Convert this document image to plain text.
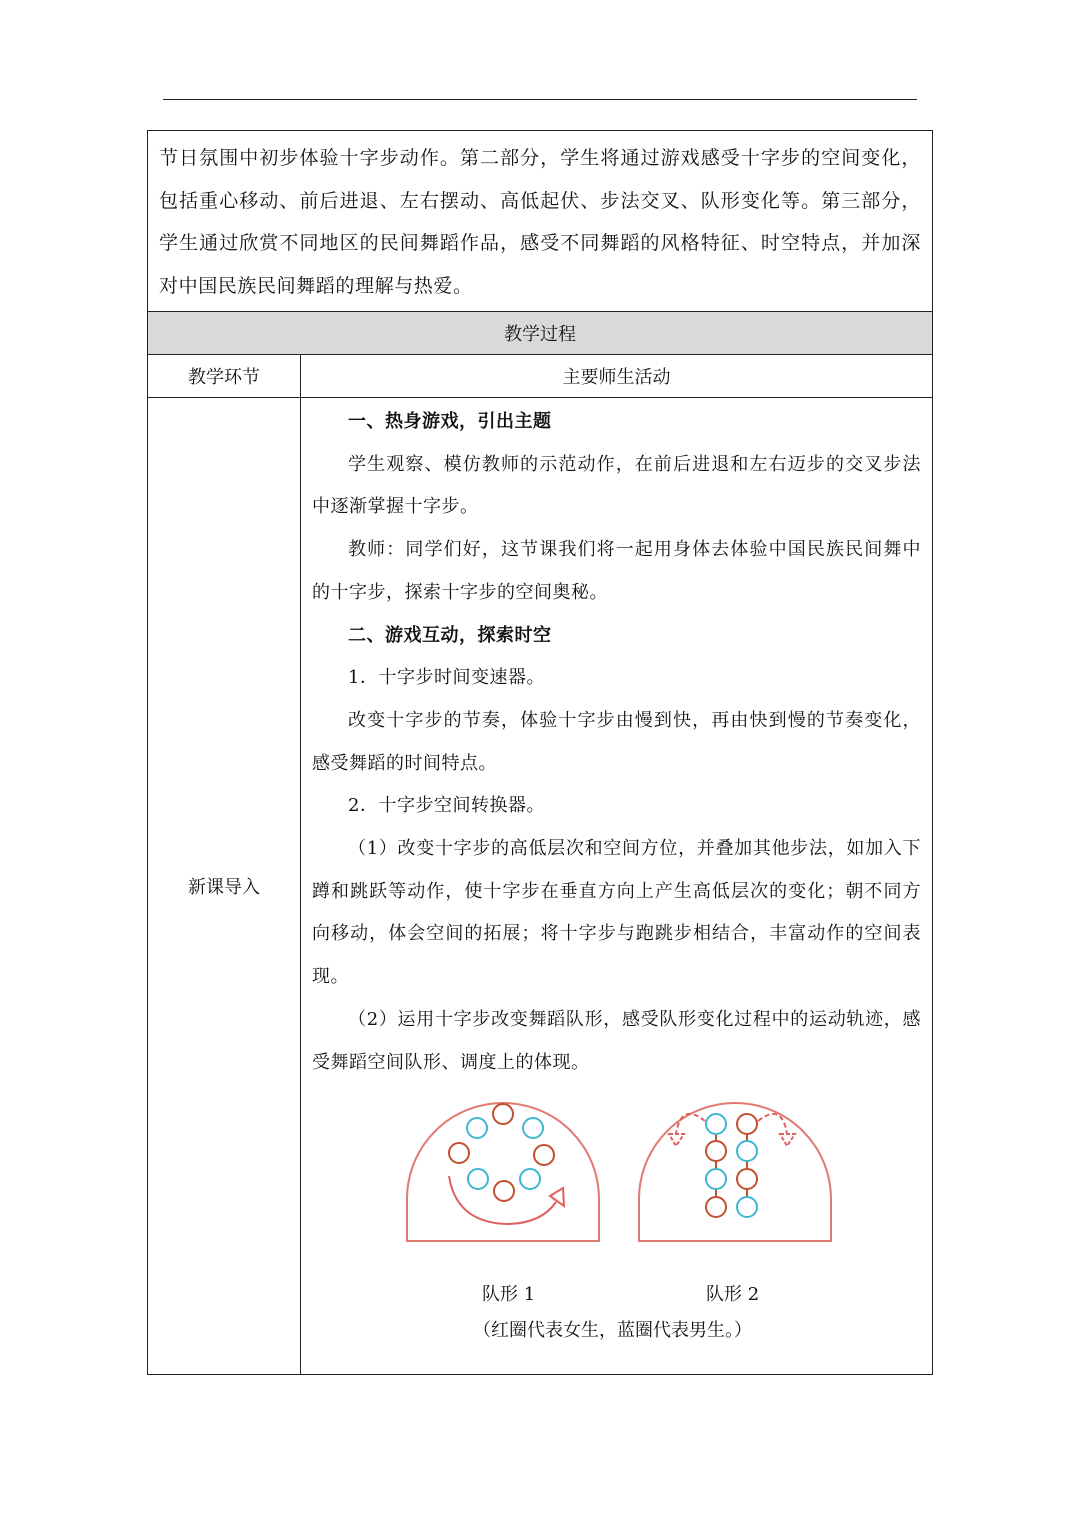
节日氛围中初步体验十字步动作。第二部分，学生将通过游戏感受十字步的空间变化，包括重心移动、前后进退、左右摆动、高低起伏、步法交叉、队形变化等。第三部分，学生通过欣赏不同地区的民间舞蹈作品，感受不同舞蹈的风格特征、时空特点，并加深对中国民族民间舞蹈的理解与热爱。
教学过程
教学环节	主要师生活动
新课导入

一、热身游戏，引出主题

学生观察、模仿教师的示范动作，在前后进退和左右迈步的交叉步法中逐渐掌握十字步。

教师：同学们好，这节课我们将一起用身体去体验中国民族民间舞中的十字步，探索十字步的空间奥秘。

二、游戏互动，探索时空

1．十字步时间变速器。

改变十字步的节奏，体验十字步由慢到快，再由快到慢的节奏变化，感受舞蹈的时间特点。

2．十字步空间转换器。

（1）改变十字步的高低层次和空间方位，并叠加其他步法，如加入下蹲和跳跃等动作，使十字步在垂直方向上产生高低层次的变化；朝不同方向移动，体会空间的拓展；将十字步与跑跳步相结合，丰富动作的空间表现。

（2）运用十字步改变舞蹈队形，感受队形变化过程中的运动轨迹，感受舞蹈空间队形、调度上的体现。

队形 1	队形 2
（红圈代表女生，蓝圈代表男生。）
